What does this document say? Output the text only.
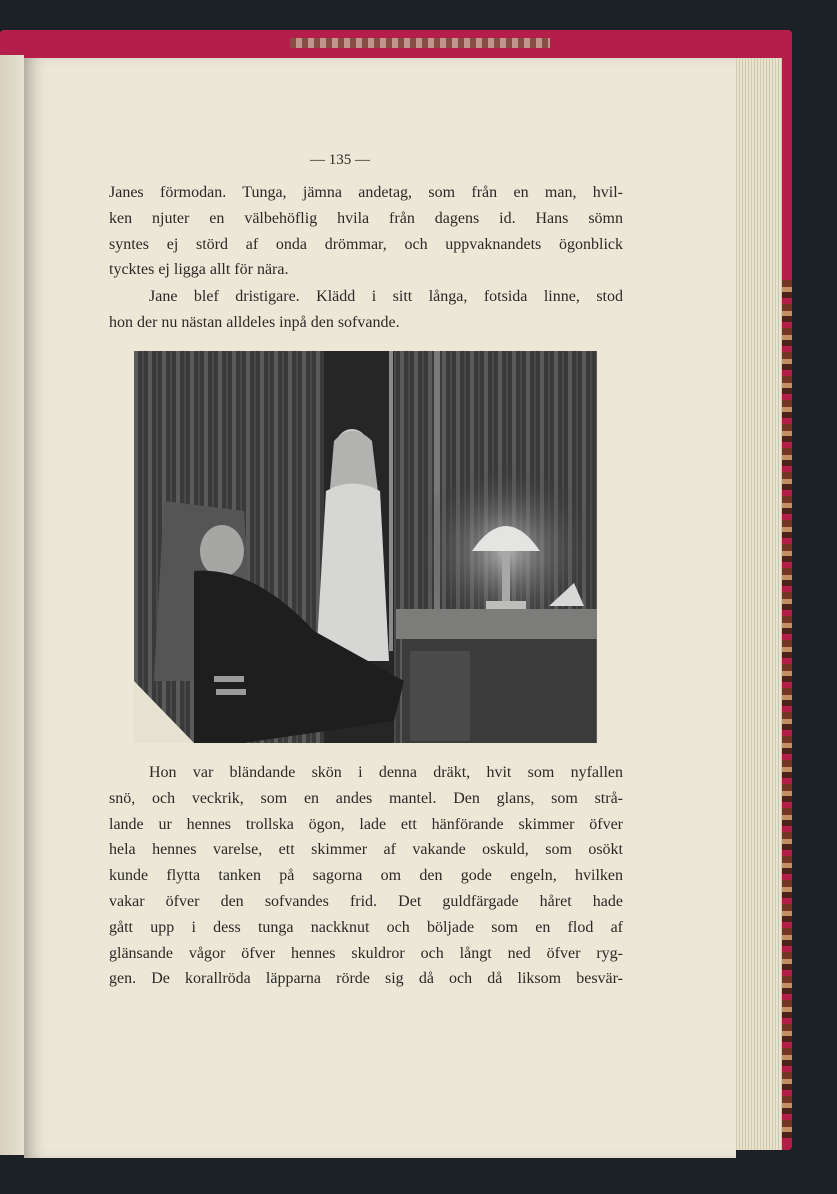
— 135 —
Janes förmodan. Tunga, jämna andetag, som från en man, hvil-
ken njuter en välbehöflig hvila från dagens id. Hans sömn
syntes ej störd af onda drömmar, och uppvaknandets ögonblick
tycktes ej ligga allt för nära.
Jane blef dristigare. Klädd i sitt långa, fotsida linne, stod
hon der nu nästan alldeles inpå den sofvande.
Hon var bländande skön i denna dräkt, hvit som nyfallen
snö, och veckrik, som en andes mantel. Den glans, som strå-
lande ur hennes trollska ögon, lade ett hänförande skimmer öfver
hela hennes varelse, ett skimmer af vakande oskuld, som osökt
kunde flytta tanken på sagorna om den gode engeln, hvilken
vakar öfver den sofvandes frid. Det guldfärgade håret hade
gått upp i dess tunga nackknut och böljade som en flod af
glänsande vågor öfver hennes skuldror och långt ned öfver ryg-
gen. De korallröda läpparna rörde sig då och då liksom besvär-
